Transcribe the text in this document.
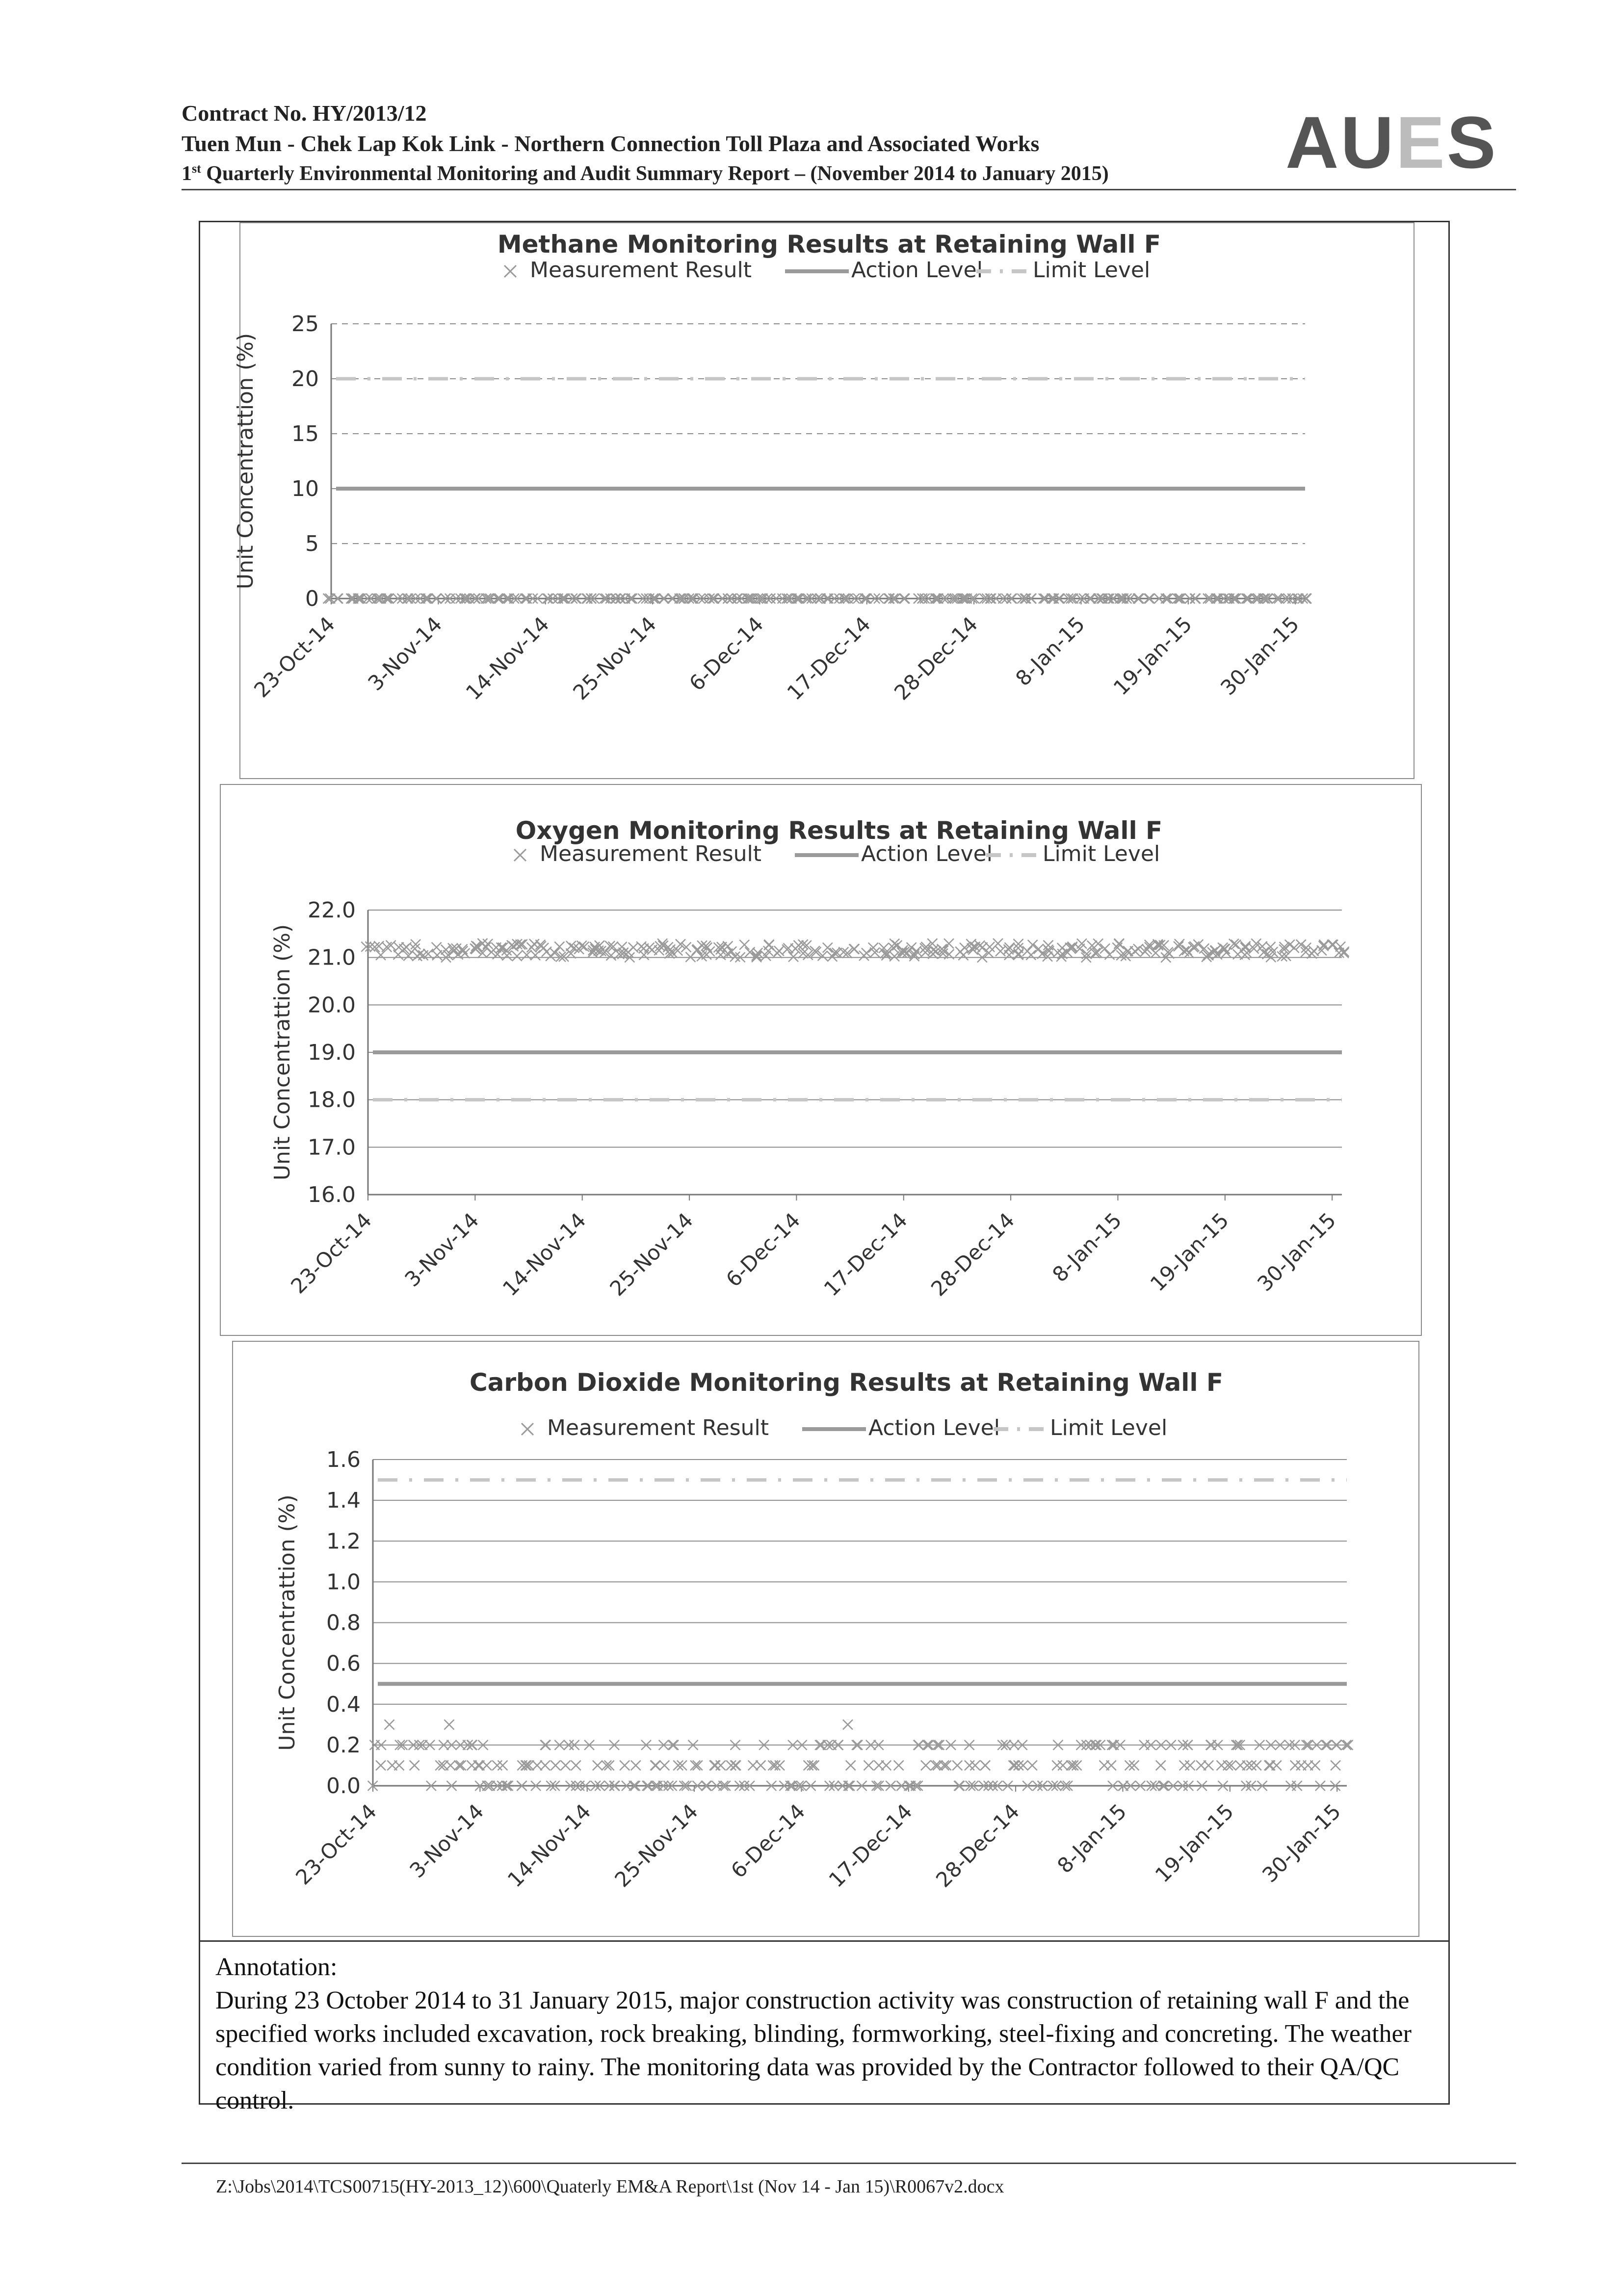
Contract No. HY/2013/12
Tuen Mun - Chek Lap Kok Link - Northern Connection Toll Plaza and Associated Works
1st Quarterly Environmental Monitoring and Audit Summary Report – (November 2014 to January 2015)	AUES
Methane Monitoring Results at Retaining Wall F
Measurement Result	Action Level Limit Level
0
5
10
15
20
25
Unit Concentrattion (%)
23-Oct-14 3-Nov-14 14-Nov-14 25-Nov-14 6-Dec-14 17-Dec-14 28-Dec-14 8-Jan-15 19-Jan-15 30-Jan-15
Oxygen Monitoring Results at Retaining Wall F
Measurement Result	Action Level Limit Level
16.0
17.0
18.0
19.0
20.0
21.0
22.0
Unit Concentrattion (%)
23-Oct-14 3-Nov-14 14-Nov-14 25-Nov-14 6-Dec-14 17-Dec-14 28-Dec-14 8-Jan-15 19-Jan-15 30-Jan-15
Carbon Dioxide Monitoring Results at Retaining Wall F
Measurement Result	Action Level Limit Level
0.0
0.2
0.4
0.6
0.8
1.0
1.2
1.4
1.6
Unit Concentrattion (%)
23-Oct-14 3-Nov-14 14-Nov-14 25-Nov-14 6-Dec-14 17-Dec-14 28-Dec-14 8-Jan-15 19-Jan-15 30-Jan-15
Annotation:
During 23 October 2014 to 31 January 2015, major construction activity was construction of retaining wall F and the specified works included excavation, rock breaking, blinding, formworking, steel-fixing and concreting. The weather condition varied from sunny to rainy. The monitoring data was provided by the Contractor followed to their QA/QC control.
Z:\Jobs\2014\TCS00715(HY-2013_12)\600\Quaterly EM&A Report\1st (Nov 14 - Jan 15)\R0067v2.docx
